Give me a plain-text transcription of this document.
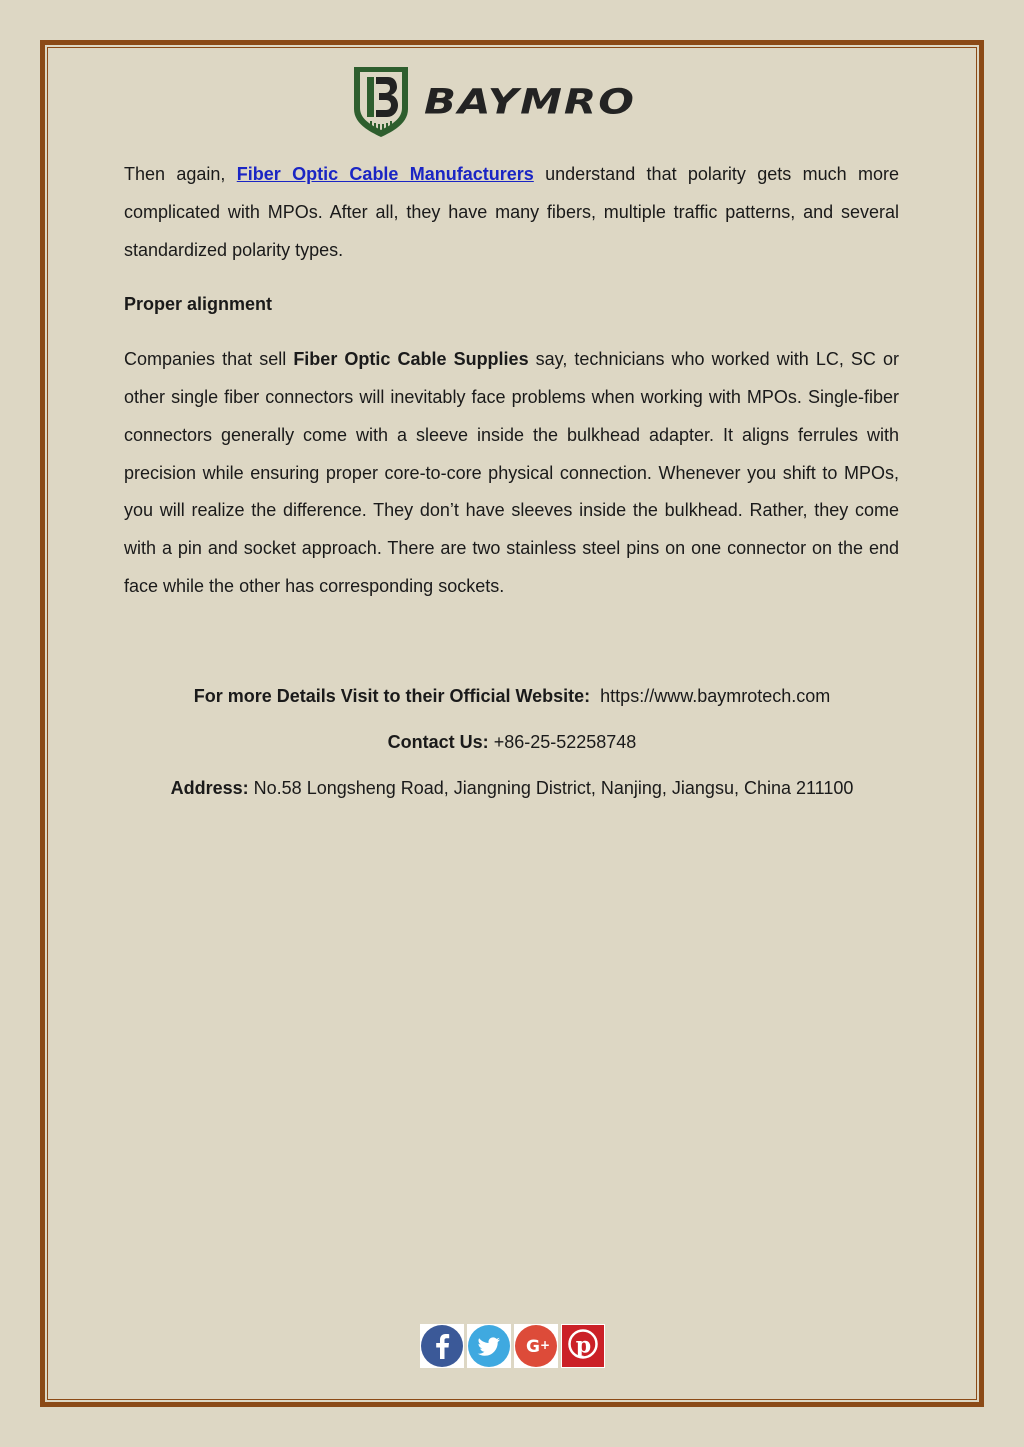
BAYMRO

Then again, Fiber Optic Cable Manufacturers understand that polarity gets much more complicated with MPOs. After all, they have many fibers, multiple traffic patterns, and several standardized polarity types.

Proper alignment

Companies that sell Fiber Optic Cable Supplies say, technicians who worked with LC, SC or other single fiber connectors will inevitably face problems when working with MPOs. Single-fiber connectors generally come with a sleeve inside the bulkhead adapter. It aligns ferrules with precision while ensuring proper core-to-core physical connection. Whenever you shift to MPOs, you will realize the difference. They don’t have sleeves inside the bulkhead. Rather, they come with a pin and socket approach. There are two stainless steel pins on one connector on the end face while the other has corresponding sockets.

For more Details Visit to their Official Website: https://www.baymrotech.com
Contact Us: +86-25-52258748
Address: No.58 Longsheng Road, Jiangning District, Nanjing, Jiangsu, China 211100
G + p
